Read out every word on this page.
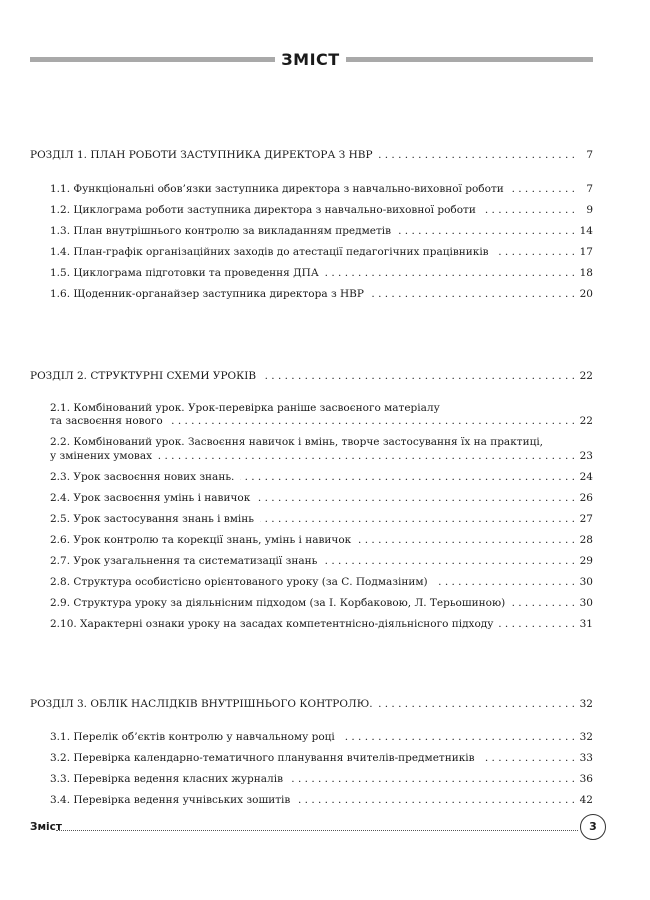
ЗМІСТ
РОЗДІЛ 1. ПЛАН РОБОТИ ЗАСТУПНИКА ДИРЕКТОРА З НВР . . .	7
1.1. Функціональні обов’язки заступника директора з навчально-виховної роботи . . .	7
1.2. Циклограма роботи заступника директора з навчально-виховної роботи . . .	9
1.3. План внутрішнього контролю за викладанням предметів . . .	14
1.4. План-графік організаційних заходів до атестації педагогічних працівників . . .	17
1.5. Циклограма підготовки та проведення ДПА . . .	18
1.6. Щоденник-органайзер заступника директора з НВР . . .	20
РОЗДІЛ 2. СТРУКТУРНІ СХЕМИ УРОКІВ . . .	22
2.1. Комбінований урок. Урок-перевірка раніше засвоєного матеріалу
та засвоєння нового . . .	22
2.2. Комбінований урок. Засвоєння навичок і вмінь, творче застосування їх на практиці,
у змінених умовах . . .	23
2.3. Урок засвоєння нових знань. . . .	24
2.4. Урок засвоєння умінь і навичок . . .	26
2.5. Урок застосування знань і вмінь . . .	27
2.6. Урок контролю та корекції знань, умінь і навичок . . .	28
2.7. Урок узагальнення та систематизації знань . . .	29
2.8. Структура особистісно орієнтованого уроку (за С. Подмазіним) . . .	30
2.9. Структура уроку за діяльнісним підходом (за І. Корбаковою, Л. Терьошиною) . . .	30
2.10. Характерні ознаки уроку на засадах компетентнісно-діяльнісного підходу . . .	31
РОЗДІЛ 3. ОБЛІК НАСЛІДКІВ ВНУТРІШНЬОГО КОНТРОЛЮ. . . .	32
3.1. Перелік об’єктів контролю у навчальному році . . .	32
3.2. Перевірка календарно-тематичного планування вчителів-предметників . . .	33
3.3. Перевірка ведення класних журналів . . .	36
3.4. Перевірка ведення учнівських зошитів . . .	42
Зміст	3
